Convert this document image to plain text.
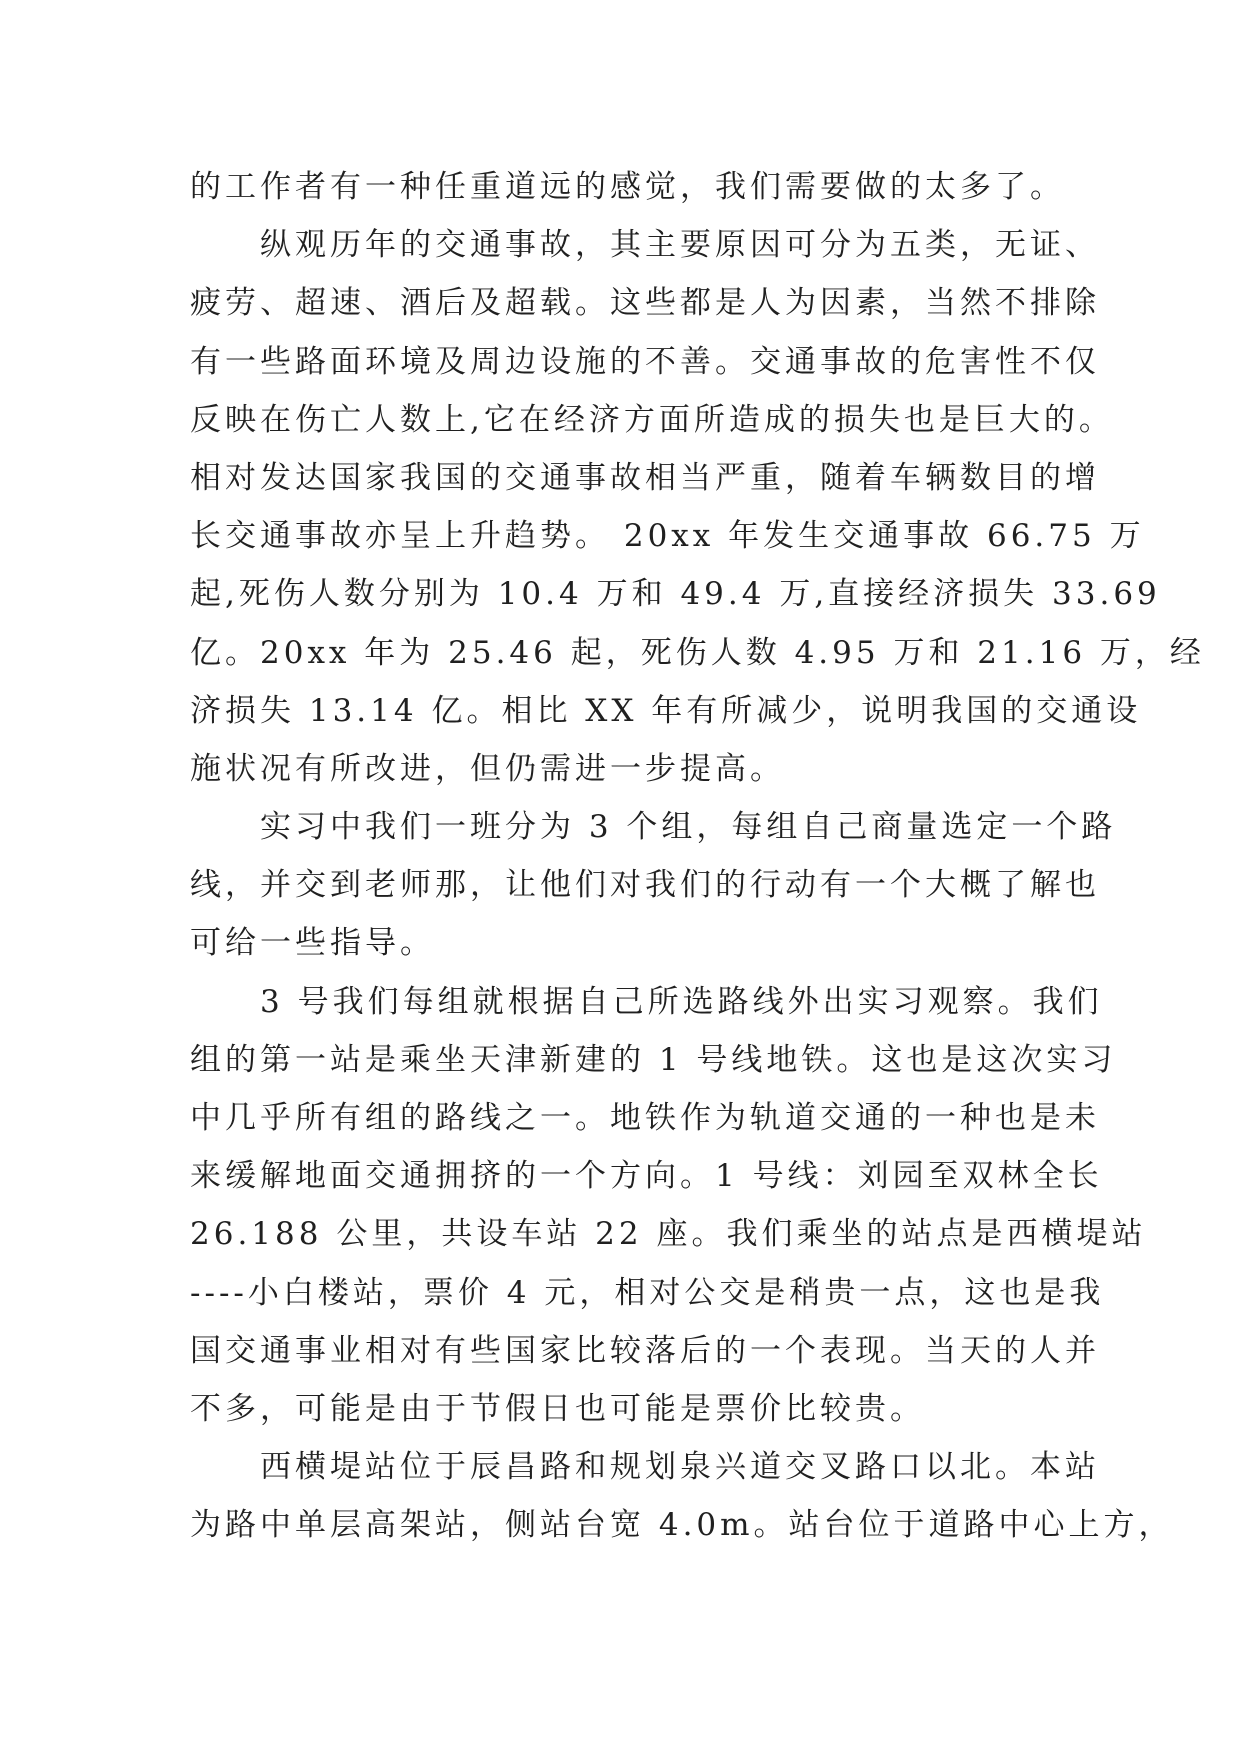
的工作者有一种任重道远的感觉，我们需要做的太多了。
纵观历年的交通事故，其主要原因可分为五类，无证、
疲劳、超速、酒后及超载。这些都是人为因素，当然不排除
有一些路面环境及周边设施的不善。交通事故的危害性不仅
反映在伤亡人数上,它在经济方面所造成的损失也是巨大的。
相对发达国家我国的交通事故相当严重，随着车辆数目的增
长交通事故亦呈上升趋势。 20xx 年发生交通事故 66.75 万
起,死伤人数分别为 10.4 万和 49.4 万,直接经济损失 33.69
亿。20xx 年为 25.46 起，死伤人数 4.95 万和 21.16 万，经
济损失 13.14 亿。相比 XX 年有所减少，说明我国的交通设
施状况有所改进，但仍需进一步提高。
实习中我们一班分为 3 个组，每组自己商量选定一个路
线，并交到老师那，让他们对我们的行动有一个大概了解也
可给一些指导。
3 号我们每组就根据自己所选路线外出实习观察。我们
组的第一站是乘坐天津新建的 1 号线地铁。这也是这次实习
中几乎所有组的路线之一。地铁作为轨道交通的一种也是未
来缓解地面交通拥挤的一个方向。1 号线：刘园至双林全长
26.188 公里，共设车站 22 座。我们乘坐的站点是西横堤站
----小白楼站，票价 4 元，相对公交是稍贵一点，这也是我
国交通事业相对有些国家比较落后的一个表现。当天的人并
不多，可能是由于节假日也可能是票价比较贵。
西横堤站位于辰昌路和规划泉兴道交叉路口以北。本站
为路中单层高架站，侧站台宽 4.0m。站台位于道路中心上方，
